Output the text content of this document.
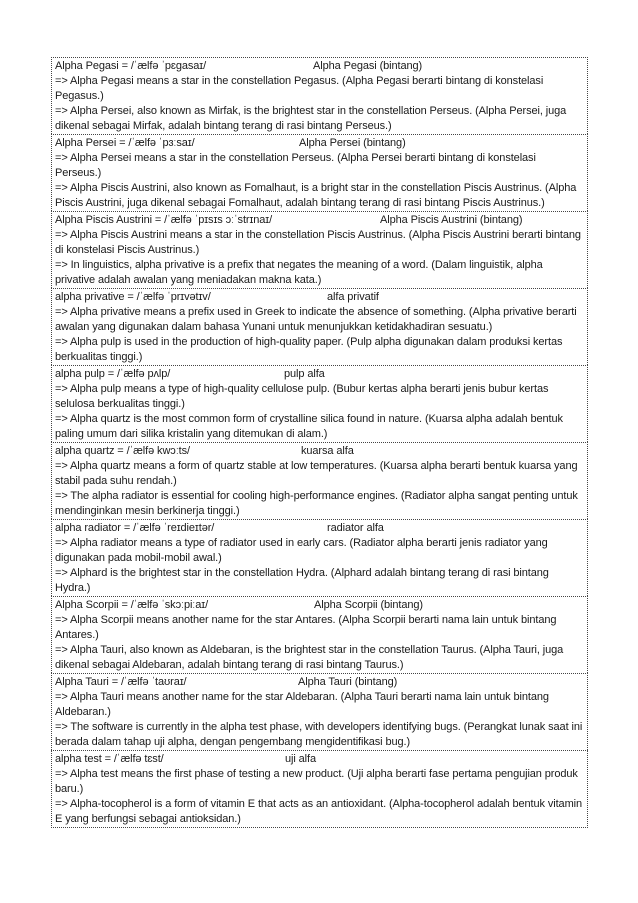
Alpha Pegasi = /ˈælfə ˈpɛgasaɪ/	Alpha Pegasi (bintang)
=> Alpha Pegasi means a star in the constellation Pegasus. (Alpha Pegasi berarti bintang di konstelasi Pegasus.)
=> Alpha Persei, also known as Mirfak, is the brightest star in the constellation Perseus. (Alpha Persei, juga dikenal sebagai Mirfak, adalah bintang terang di rasi bintang Perseus.)
Alpha Persei = /ˈælfə ˈpɜːsaɪ/	Alpha Persei (bintang)
=> Alpha Persei means a star in the constellation Perseus. (Alpha Persei berarti bintang di konstelasi Perseus.)
=> Alpha Piscis Austrini, also known as Fomalhaut, is a bright star in the constellation Piscis Austrinus. (Alpha Piscis Austrini, juga dikenal sebagai Fomalhaut, adalah bintang terang di rasi bintang Piscis Austrinus.)
Alpha Piscis Austrini = /ˈælfə ˈpɪsɪs ɔːˈstrɪnaɪ/	Alpha Piscis Austrini (bintang)
=> Alpha Piscis Austrini means a star in the constellation Piscis Austrinus. (Alpha Piscis Austrini berarti bintang di konstelasi Piscis Austrinus.)
=> In linguistics, alpha privative is a prefix that negates the meaning of a word. (Dalam linguistik, alpha privative adalah awalan yang meniadakan makna kata.)
alpha privative = /ˈælfə ˈprɪvətɪv/	alfa privatif
=> Alpha privative means a prefix used in Greek to indicate the absence of something. (Alpha privative berarti awalan yang digunakan dalam bahasa Yunani untuk menunjukkan ketidakhadiran sesuatu.)
=> Alpha pulp is used in the production of high-quality paper. (Pulp alpha digunakan dalam produksi kertas berkualitas tinggi.)
alpha pulp = /ˈælfə pʌlp/	pulp alfa
=> Alpha pulp means a type of high-quality cellulose pulp. (Bubur kertas alpha berarti jenis bubur kertas selulosa berkualitas tinggi.)
=> Alpha quartz is the most common form of crystalline silica found in nature. (Kuarsa alpha adalah bentuk paling umum dari silika kristalin yang ditemukan di alam.)
alpha quartz = /ˈælfə kwɔːts/	kuarsa alfa
=> Alpha quartz means a form of quartz stable at low temperatures. (Kuarsa alpha berarti bentuk kuarsa yang stabil pada suhu rendah.)
=> The alpha radiator is essential for cooling high-performance engines. (Radiator alpha sangat penting untuk mendinginkan mesin berkinerja tinggi.)
alpha radiator = /ˈælfə ˈreɪdieɪtər/	radiator alfa
=> Alpha radiator means a type of radiator used in early cars. (Radiator alpha berarti jenis radiator yang digunakan pada mobil-mobil awal.)
=> Alphard is the brightest star in the constellation Hydra. (Alphard adalah bintang terang di rasi bintang Hydra.)
Alpha Scorpii = /ˈælfə ˈskɔːpiːaɪ/	Alpha Scorpii (bintang)
=> Alpha Scorpii means another name for the star Antares. (Alpha Scorpii berarti nama lain untuk bintang Antares.)
=> Alpha Tauri, also known as Aldebaran, is the brightest star in the constellation Taurus. (Alpha Tauri, juga dikenal sebagai Aldebaran, adalah bintang terang di rasi bintang Taurus.)
Alpha Tauri = /ˈælfə ˈtaʊraɪ/	Alpha Tauri (bintang)
=> Alpha Tauri means another name for the star Aldebaran. (Alpha Tauri berarti nama lain untuk bintang Aldebaran.)
=> The software is currently in the alpha test phase, with developers identifying bugs. (Perangkat lunak saat ini berada dalam tahap uji alpha, dengan pengembang mengidentifikasi bug.)
alpha test = /ˈælfə tɛst/	uji alfa
=> Alpha test means the first phase of testing a new product. (Uji alpha berarti fase pertama pengujian produk baru.)
=> Alpha-tocopherol is a form of vitamin E that acts as an antioxidant. (Alpha-tocopherol adalah bentuk vitamin E yang berfungsi sebagai antioksidan.)
